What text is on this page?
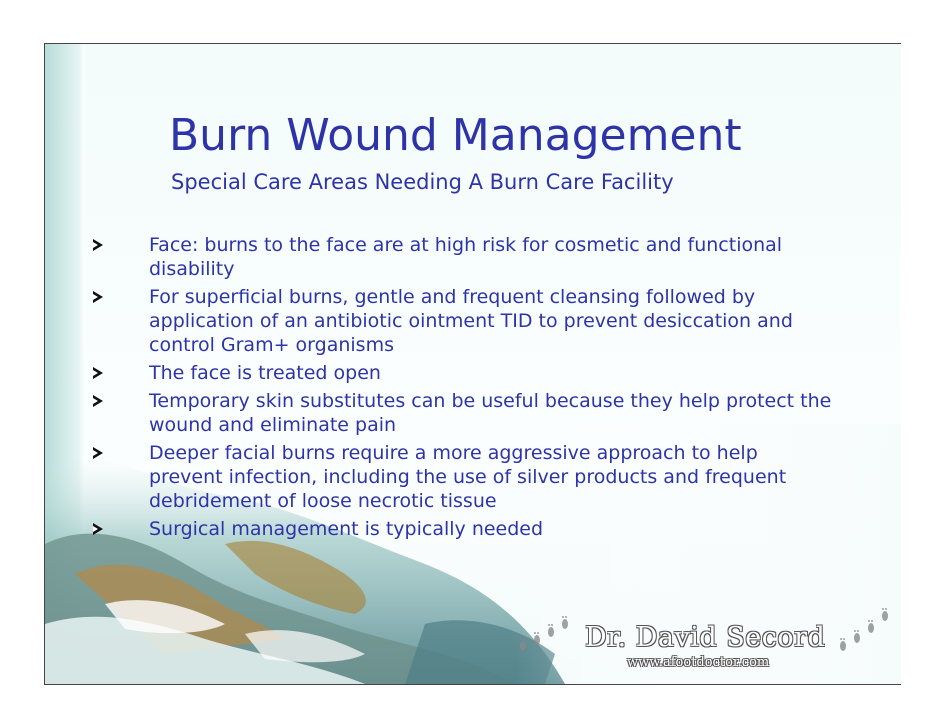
Burn Wound Management
Special Care Areas Needing A Burn Care Facility
Face: burns to the face are at high risk for cosmetic and functional disability
For superficial burns, gentle and frequent cleansing followed by application of an antibiotic ointment TID to prevent desiccation and control Gram+ organisms
The face is treated open
Temporary skin substitutes can be useful because they help protect the wound and eliminate pain
Deeper facial burns require a more aggressive approach to help prevent infection, including the use of silver products and frequent debridement of loose necrotic tissue
Surgical management is typically needed
Dr. David Secord
www.afootdoctor.com
